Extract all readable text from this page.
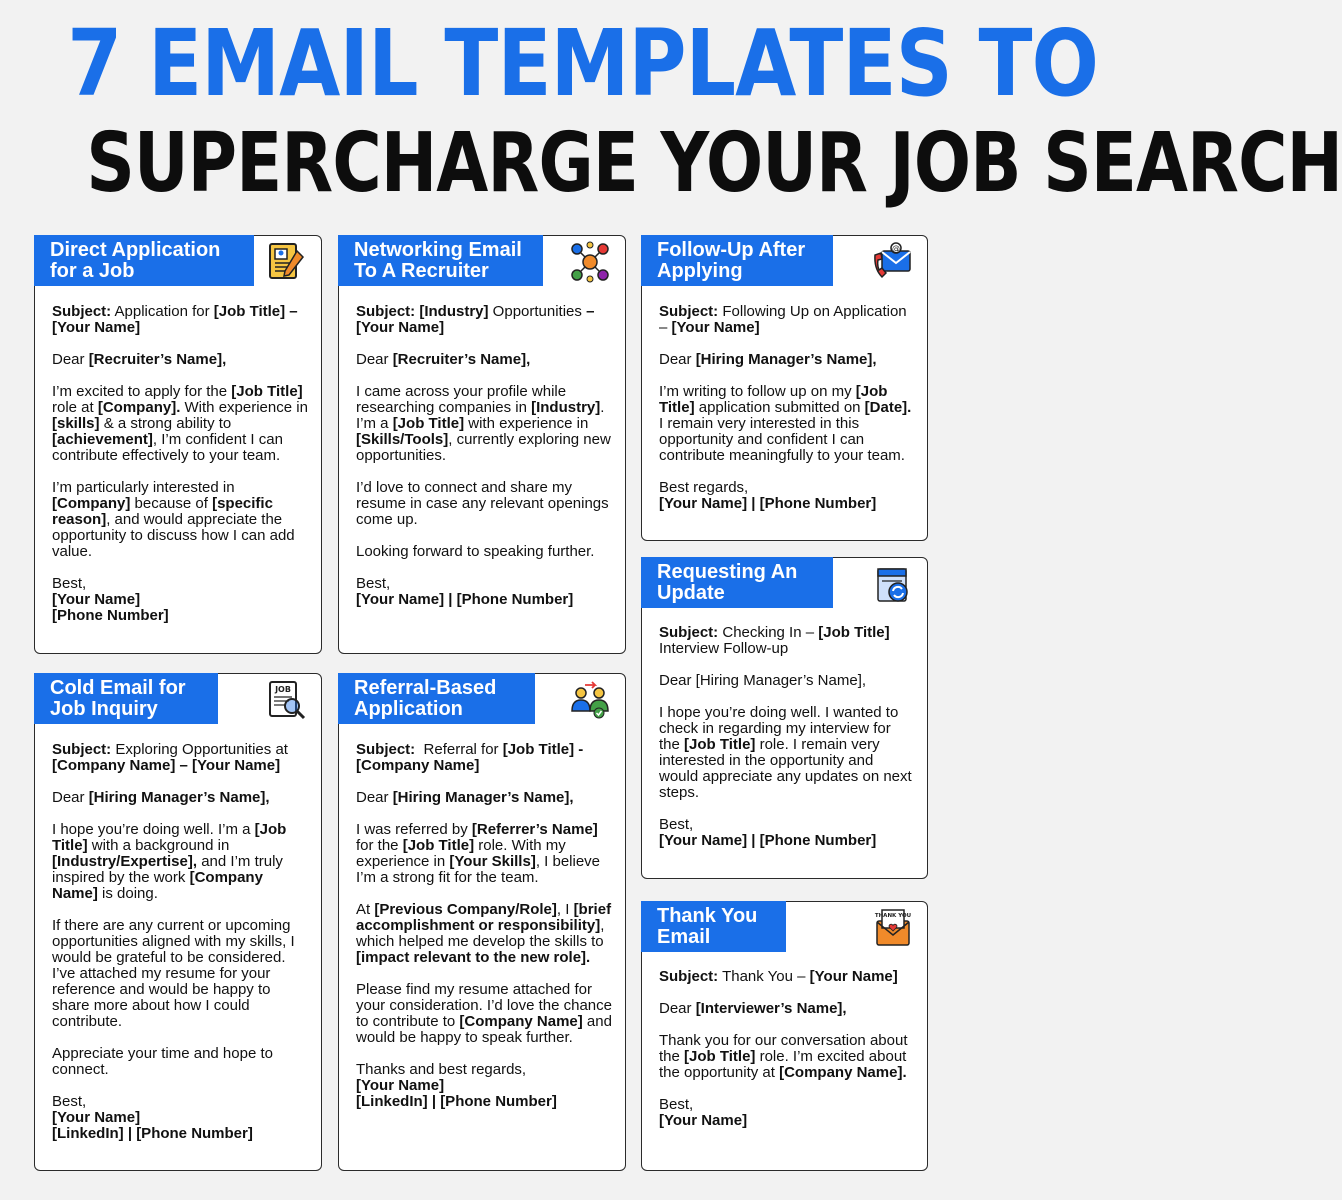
7 EMAIL TEMPLATES TO
SUPERCHARGE YOUR JOB SEARCH
Direct Application for a Job

Subject: Application for [Job Title] – [Your Name]

Dear [Recruiter’s Name],

I’m excited to apply for the [Job Title] role at [Company]. With experience in [skills] & a strong ability to [achievement], I’m confident I can contribute effectively to your team.

I’m particularly interested in [Company] because of [specific reason], and would appreciate the opportunity to discuss how I can add value.

Best,
[Your Name]
[Phone Number]

Networking Email To A Recruiter

Subject: [Industry] Opportunities – [Your Name]

Dear [Recruiter’s Name],

I came across your profile while researching companies in [Industry]. I’m a [Job Title] with experience in [Skills/Tools], currently exploring new opportunities.

I’d love to connect and share my resume in case any relevant openings come up.

Looking forward to speaking further.

Best,
[Your Name] | [Phone Number]

Follow-Up After Applying
@

Subject: Following Up on Application – [Your Name]

Dear [Hiring Manager’s Name],

I’m writing to follow up on my [Job Title] application submitted on [Date]. I remain very interested in this opportunity and confident I can contribute meaningfully to your team.

Best regards,
[Your Name] | [Phone Number]

Requesting An Update

Subject: Checking In – [Job Title] Interview Follow-up

Dear [Hiring Manager’s Name],

I hope you’re doing well. I wanted to check in regarding my interview for the [Job Title] role. I remain very interested in the opportunity and would appreciate any updates on next steps.

Best,
[Your Name] | [Phone Number]

Cold Email for Job Inquiry
JOB

Subject: Exploring Opportunities at [Company Name] – [Your Name]

Dear [Hiring Manager’s Name],

I hope you’re doing well. I’m a [Job Title] with a background in [Industry/Expertise], and I’m truly inspired by the work [Company Name] is doing.

If there are any current or upcoming opportunities aligned with my skills, I would be grateful to be considered. I’ve attached my resume for your reference and would be happy to share more about how I could contribute.

Appreciate your time and hope to connect.

Best,
[Your Name]
[LinkedIn] | [Phone Number]

Referral-Based Application

Subject:  Referral for [Job Title] - [Company Name]

Dear [Hiring Manager’s Name],

I was referred by [Referrer’s Name] for the [Job Title] role. With my experience in [Your Skills], I believe I’m a strong fit for the team.

At [Previous Company/Role], I [brief accomplishment or responsibility], which helped me develop the skills to [impact relevant to the new role].

Please find my resume attached for your consideration. I’d love the chance to contribute to [Company Name] and would be happy to speak further.

Thanks and best regards,
[Your Name]
[LinkedIn] | [Phone Number]

Thank You Email
THANK YOU

Subject: Thank You – [Your Name]

Dear [Interviewer’s Name],

Thank you for our conversation about the [Job Title] role. I’m excited about the opportunity at [Company Name].

Best,
[Your Name]
